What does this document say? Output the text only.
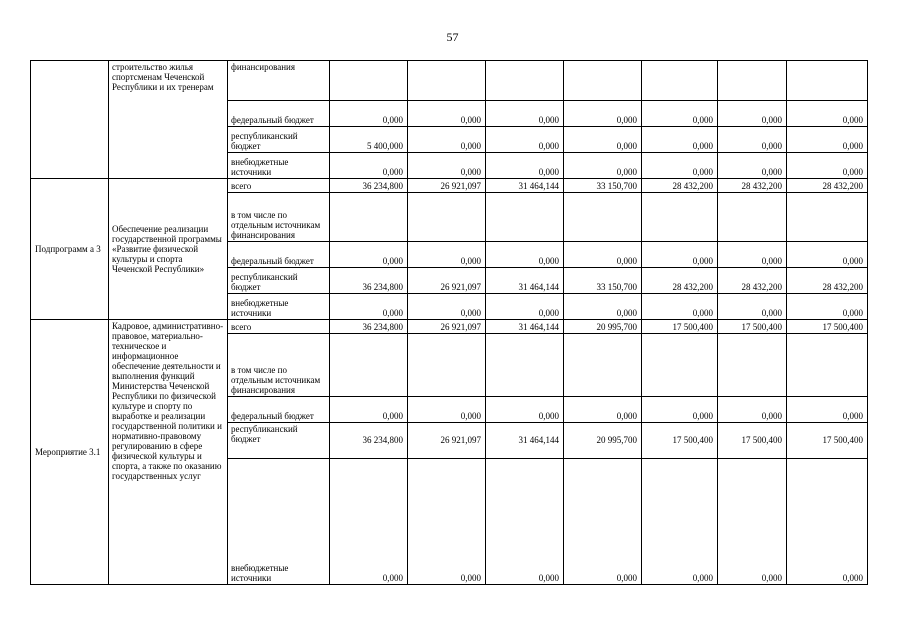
57
	строительство жилья спортсменам Чеченской Республики и их тренерам	финансирования							
		федеральный бюджет	0,000	0,000	0,000	0,000	0,000	0,000	0,000
		республиканский бюджет	5 400,000	0,000	0,000	0,000	0,000	0,000	0,000
		внебюджетные источники	0,000	0,000	0,000	0,000	0,000	0,000	0,000
Подпрограмм а 3	Обеспечение реализации государственной программы «Развитие физической культуры и спорта Чеченской Республики»	всего	36 234,800	26 921,097	31 464,144	33 150,700	28 432,200	28 432,200	28 432,200
		в том числе по отдельным источникам финансирования							
		федеральный бюджет	0,000	0,000	0,000	0,000	0,000	0,000	0,000
		республиканский бюджет	36 234,800	26 921,097	31 464,144	33 150,700	28 432,200	28 432,200	28 432,200
		внебюджетные источники	0,000	0,000	0,000	0,000	0,000	0,000	0,000
Мероприятие 3.1	Кадровое, административно-правовое, материально-техническое и информационное обеспечение деятельности и выполнения функций Министерства Чеченской Республики по физической культуре и спорту по выработке и реализации государственной политики и нормативно-правовому регулированию в сфере физической культуры и спорта, а также по оказанию государственных услуг	всего	36 234,800	26 921,097	31 464,144	20 995,700	17 500,400	17 500,400	17 500,400
		в том числе по отдельным источникам финансирования							
		федеральный бюджет	0,000	0,000	0,000	0,000	0,000	0,000	0,000
		республиканский бюджет	36 234,800	26 921,097	31 464,144	20 995,700	17 500,400	17 500,400	17 500,400
		внебюджетные источники	0,000	0,000	0,000	0,000	0,000	0,000	0,000
